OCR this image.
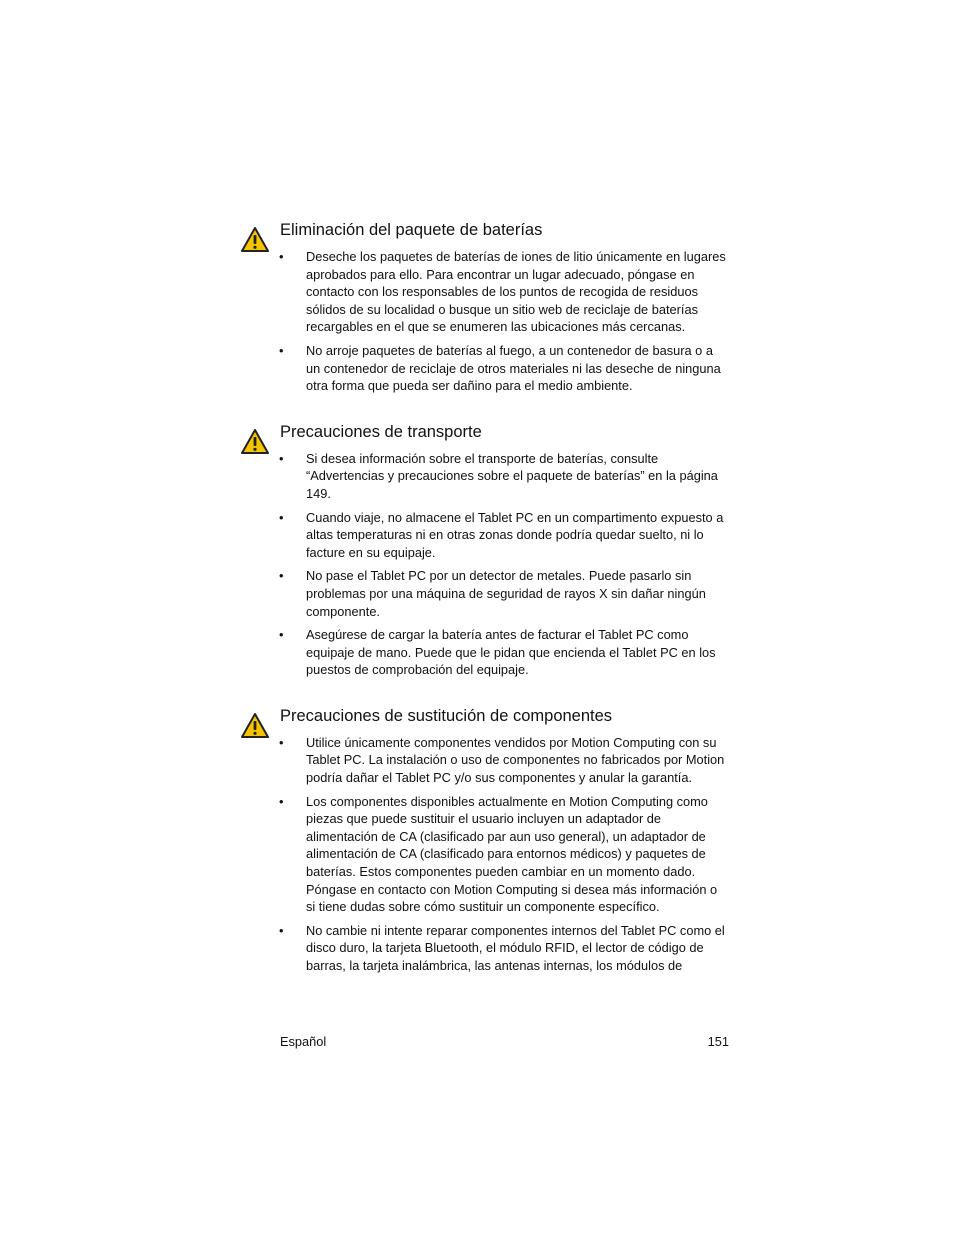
Eliminación del paquete de baterías
• Deseche los paquetes de baterías de iones de litio únicamente en lugares aprobados para ello. Para encontrar un lugar adecuado, póngase en contacto con los responsables de los puntos de recogida de residuos sólidos de su localidad o busque un sitio web de reciclaje de baterías recargables en el que se enumeren las ubicaciones más cercanas.
• No arroje paquetes de baterías al fuego, a un contenedor de basura o a un contenedor de reciclaje de otros materiales ni las deseche de ninguna otra forma que pueda ser dañino para el medio ambiente.
Precauciones de transporte
• Si desea información sobre el transporte de baterías, consulte “Advertencias y precauciones sobre el paquete de baterías” en la página 149.
• Cuando viaje, no almacene el Tablet PC en un compartimento expuesto a altas temperaturas ni en otras zonas donde podría quedar suelto, ni lo facture en su equipaje.
• No pase el Tablet PC por un detector de metales. Puede pasarlo sin problemas por una máquina de seguridad de rayos X sin dañar ningún componente.
• Asegúrese de cargar la batería antes de facturar el Tablet PC como equipaje de mano. Puede que le pidan que encienda el Tablet PC en los puestos de comprobación del equipaje.
Precauciones de sustitución de componentes
• Utilice únicamente componentes vendidos por Motion Computing con su Tablet PC. La instalación o uso de componentes no fabricados por Motion podría dañar el Tablet PC y/o sus componentes y anular la garantía.
• Los componentes disponibles actualmente en Motion Computing como piezas que puede sustituir el usuario incluyen un adaptador de alimentación de CA (clasificado par aun uso general), un adaptador de alimentación de CA (clasificado para entornos médicos) y paquetes de baterías. Estos componentes pueden cambiar en un momento dado. Póngase en contacto con Motion Computing si desea más información o si tiene dudas sobre cómo sustituir un componente específico.
• No cambie ni intente reparar componentes internos del Tablet PC como el disco duro, la tarjeta Bluetooth, el módulo RFID, el lector de código de barras, la tarjeta inalámbrica, las antenas internas, los módulos de
Español	151
